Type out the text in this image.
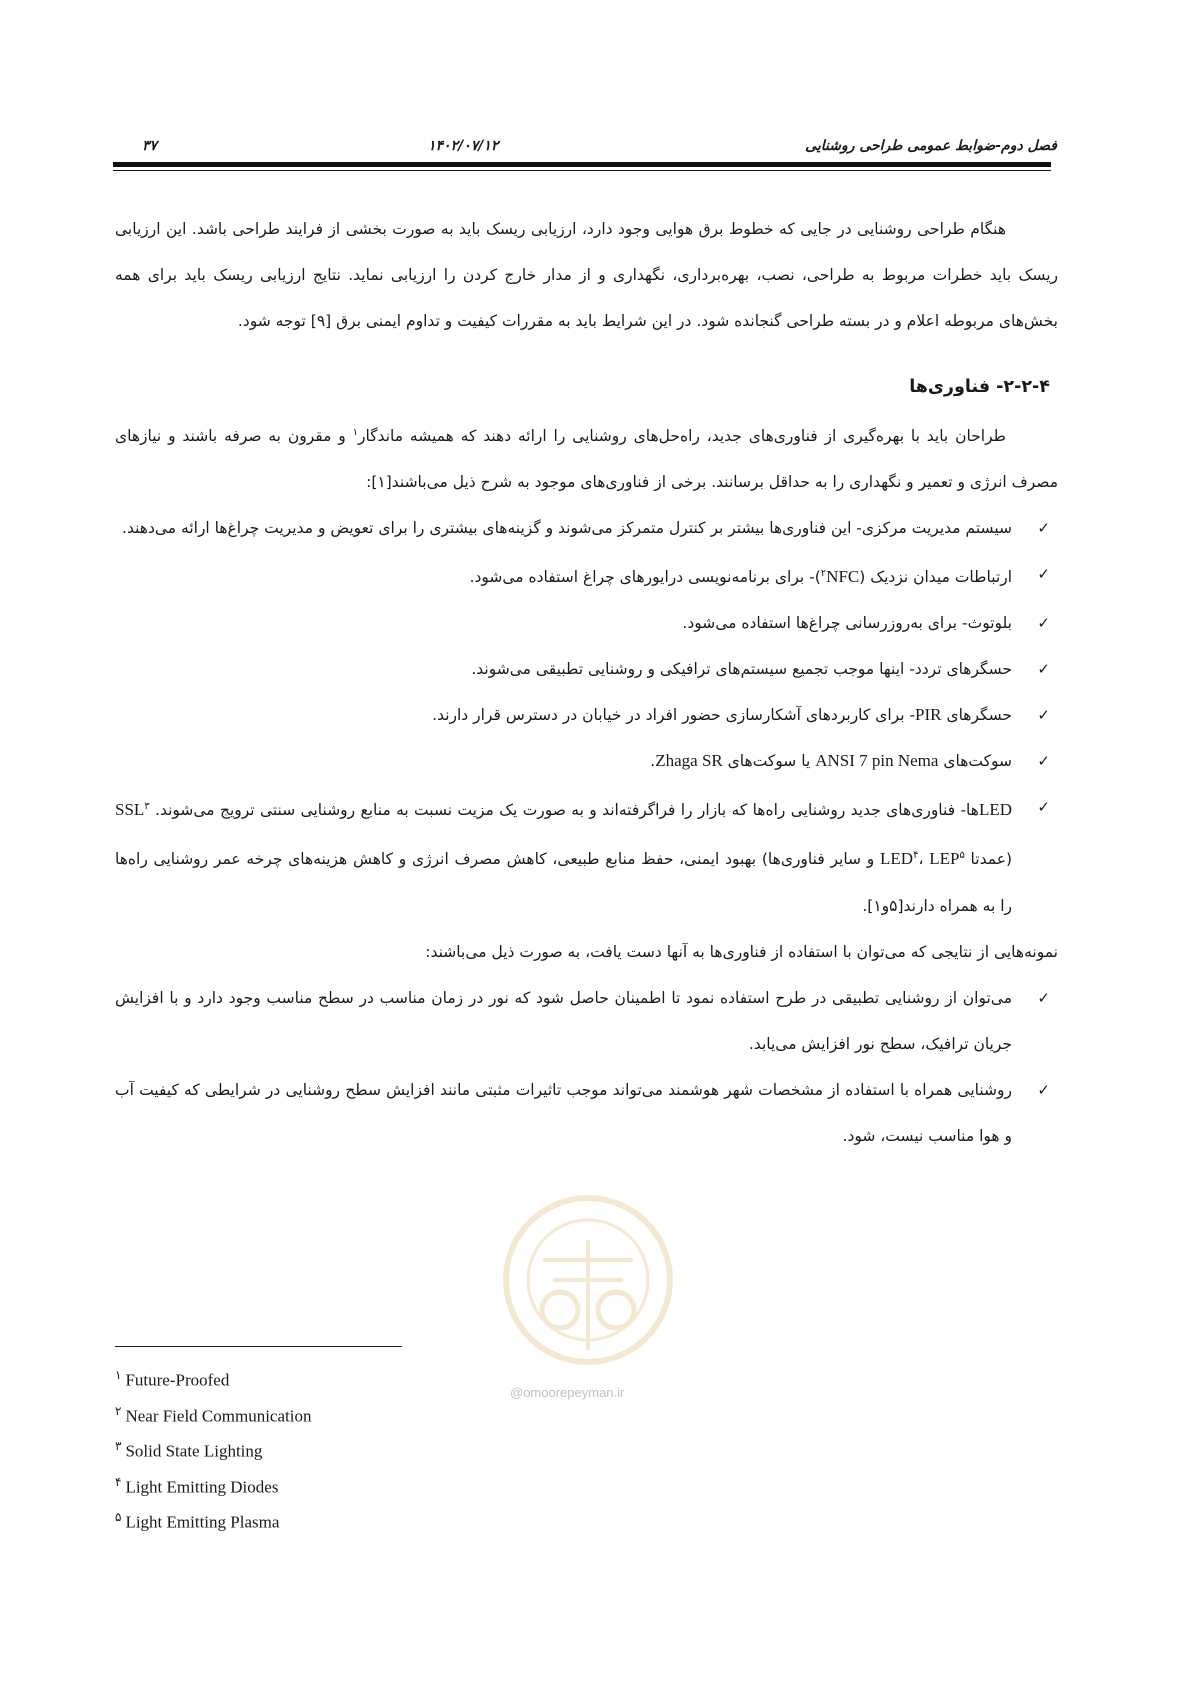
فصل دوم-ضوابط عمومی طراحی روشنایی
۱۴۰۲/۰۷/۱۲
۳۷

هنگام طراحی روشنایی در جایی که خطوط برق هوایی وجود دارد، ارزیابی ریسک باید به صورت بخشی از فرایند طراحی باشد. این ارزیابی ریسک باید خطرات مربوط به طراحی، نصب، بهره‌برداری، نگهداری و از مدار خارج کردن را ارزیابی نماید. نتایج ارزیابی ریسک باید برای همه بخش‌های مربوطه اعلام و در بسته طراحی گنجانده شود. در این شرایط باید به مقررات کیفیت و تداوم ایمنی برق [۹] توجه شود.

۲-۲-۴- فناوری‌ها

طراحان باید با بهره‌گیری از فناوری‌های جدید، راه‌حل‌های روشنایی را ارائه دهند که همیشه ماندگار$^۱$ و مقرون به صرفه باشند و نیازهای مصرف انرژی و تعمیر و نگهداری را به حداقل برسانند. برخی از فناوری‌های موجود به شرح ذیل می‌باشند[۱]:

✓
سیستم مدیریت مرکزی- این فناوری‌ها بیشتر بر کنترل متمرکز می‌شوند و گزینه‌های بیشتری را برای تعویض و مدیریت چراغ‌ها ارائه می‌دهند.
✓
ارتباطات میدان نزدیک ($^۲$NFC)- برای برنامه‌نویسی درایورهای چراغ استفاده می‌شود.
✓
بلوتوث- برای به‌روزرسانی چراغ‌ها استفاده می‌شود.
✓
حسگرهای تردد- اینها موجب تجمیع سیستم‌های ترافیکی و روشنایی تطبیقی می‌شوند.
✓
حسگرهای PIR- برای کاربردهای آشکارسازی حضور افراد در خیابان در دسترس قرار دارند.
✓
سوکت‌های ANSI 7 pin Nema یا سوکت‌های Zhaga SR.
✓
LEDها- فناوری‌های جدید روشنایی راه‌ها که بازار را فراگرفته‌اند و به صورت یک مزیت نسبت به منابع روشنایی سنتی ترویج می‌شوند. SSL$^۳$ (عمدتا LED$^۴$، LEP$^۵$ و سایر فناوری‌ها) بهبود ایمنی، حفظ منابع طبیعی، کاهش مصرف انرژی و کاهش هزینه‌های چرخه عمر روشنایی راه‌ها را به همراه دارند[۵و۱].

نمونه‌هایی از نتایجی که می‌توان با استفاده از فناوری‌ها به آنها دست یافت، به صورت ذیل می‌باشند:

✓
می‌توان از روشنایی تطبیقی در طرح استفاده نمود تا اطمینان حاصل شود که نور در زمان مناسب در سطح مناسب وجود دارد و با افزایش جریان ترافیک، سطح نور افزایش می‌یابد.
✓
روشنایی همراه با استفاده از مشخصات شهر هوشمند می‌تواند موجب تاثیرات مثبتی مانند افزایش سطح روشنایی در شرایطی که کیفیت آب و هوا مناسب نیست، شود.
@omoorepeyman.ir
$^۱$ Future-Proofed
$^۲$ Near Field Communication
$^۳$ Solid State Lighting
$^۴$ Light Emitting Diodes
$^۵$ Light Emitting Plasma
